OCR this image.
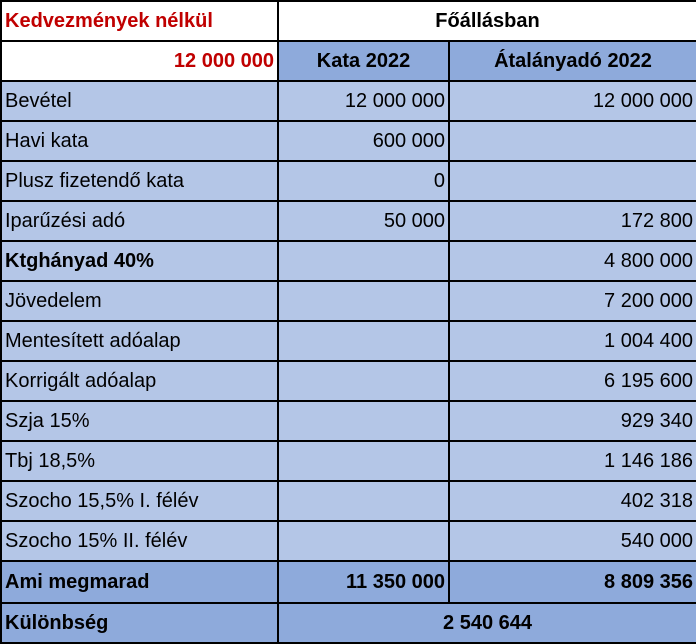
Kedvezmények nélkül	Főállásban	
12 000 000	Kata 2022	Átalányadó 2022
Bevétel	12 000 000	12 000 000
Havi kata	600 000	
Plusz fizetendő kata	0	
Iparűzési adó	50 000	172 800
Ktghányad 40%		4 800 000
Jövedelem		7 200 000
Mentesített adóalap		1 004 400
Korrigált adóalap		6 195 600
Szja 15%		929 340
Tbj 18,5%		1 146 186
Szocho 15,5% I. félév		402 318
Szocho 15% II. félév		540 000
Ami megmarad	11 350 000	8 809 356
Különbség	2 540 644	
